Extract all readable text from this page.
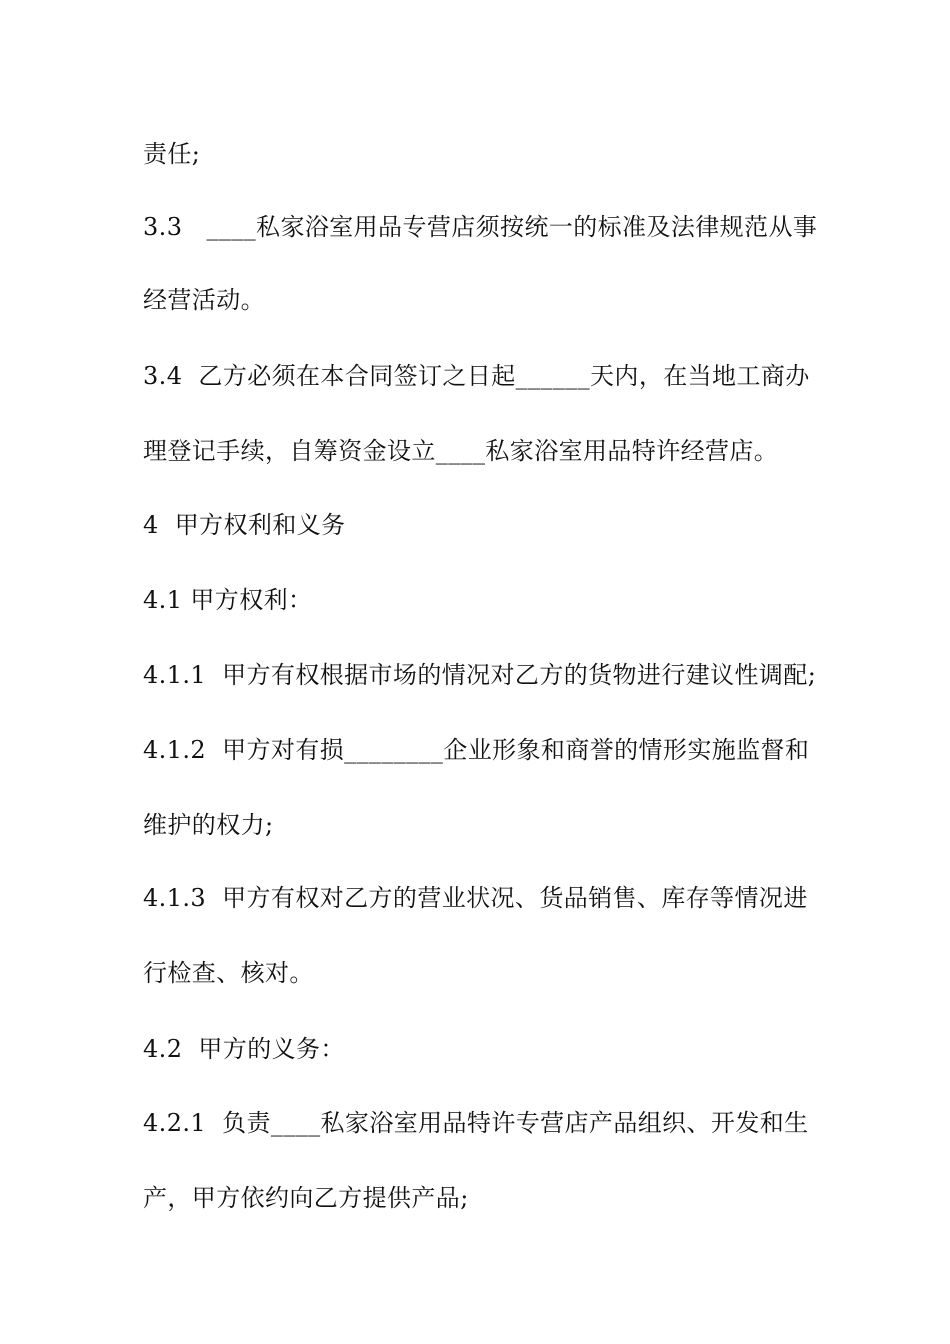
责任;
3.3   ____私家浴室用品专营店须按统一的标准及法律规范从事
经营活动。
3.4  乙方必须在本合同签订之日起______天内，在当地工商办
理登记手续，自筹资金设立____私家浴室用品特许经营店。
4  甲方权利和义务
4.1 甲方权利：
4.1.1  甲方有权根据市场的情况对乙方的货物进行建议性调配;
4.1.2  甲方对有损________企业形象和商誉的情形实施监督和
维护的权力;
4.1.3  甲方有权对乙方的营业状况、货品销售、库存等情况进
行检查、核对。
4.2  甲方的义务：
4.2.1  负责____私家浴室用品特许专营店产品组织、开发和生
产，甲方依约向乙方提供产品;
